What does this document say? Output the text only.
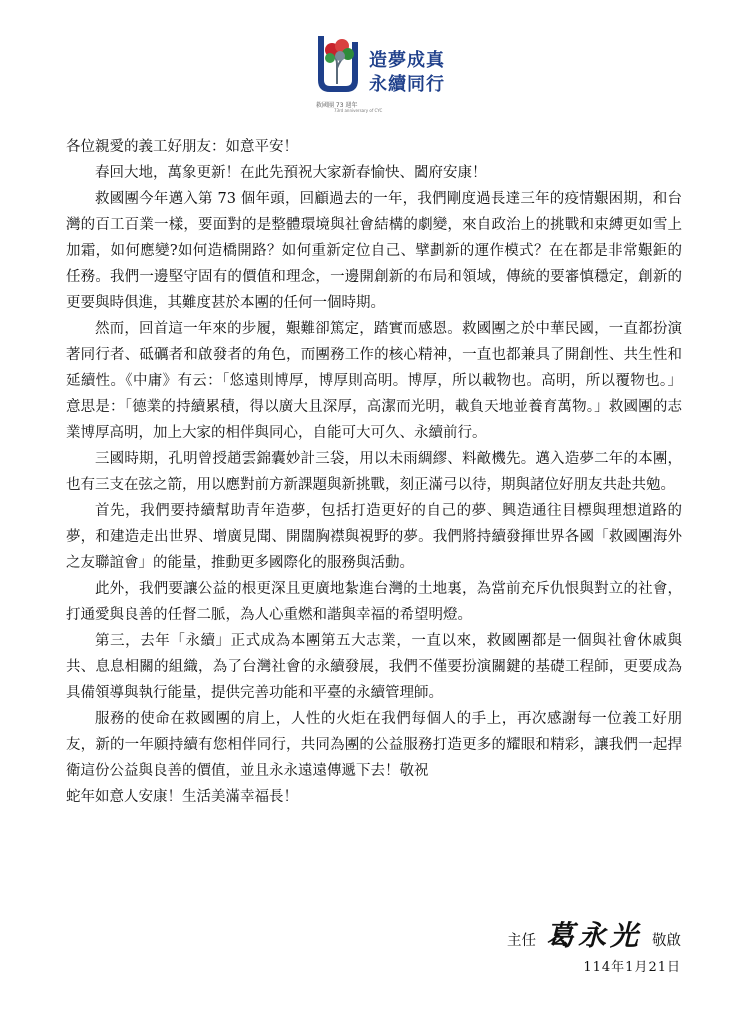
造夢成真
永續同行
救國團 73 週年
73rd anniversary of CYC

各位親愛的義工好朋友：如意平安！

春回大地，萬象更新！在此先預祝大家新春愉快、闔府安康！

救國團今年邁入第 73 個年頭，回顧過去的一年，我們剛度過長達三年的疫情艱困期，和台灣的百工百業一樣，要面對的是整體環境與社會結構的劇變，來自政治上的挑戰和束縛更如雪上加霜，如何應變?如何造橋開路？如何重新定位自己、擘劃新的運作模式？在在都是非常艱鉅的任務。我們一邊堅守固有的價值和理念，一邊開創新的布局和領域，傳統的要審慎穩定，創新的更要與時俱進，其難度甚於本團的任何一個時期。

然而，回首這一年來的步履，艱難卻篤定，踏實而感恩。救國團之於中華民國，一直都扮演著同行者、砥礪者和啟發者的角色，而團務工作的核心精神，一直也都兼具了開創性、共生性和延續性。《中庸》有云：「悠遠則博厚，博厚則高明。博厚，所以載物也。高明，所以覆物也。」意思是：「德業的持續累積，得以廣大且深厚，高潔而光明，載負天地並養育萬物。」救國團的志業博厚高明，加上大家的相伴與同心，自能可大可久、永續前行。

三國時期，孔明曾授趙雲錦囊妙計三袋，用以未雨綢繆、料敵機先。邁入造夢二年的本團，也有三支在弦之箭，用以應對前方新課題與新挑戰，刻正滿弓以待，期與諸位好朋友共赴共勉。

首先，我們要持續幫助青年造夢，包括打造更好的自己的夢、興造通往目標與理想道路的夢，和建造走出世界、增廣見聞、開闊胸襟與視野的夢。我們將持續發揮世界各國「救國團海外之友聯誼會」的能量，推動更多國際化的服務與活動。

此外，我們要讓公益的根更深且更廣地紮進台灣的土地裏，為當前充斥仇恨與對立的社會，打通愛與良善的任督二脈，為人心重燃和諧與幸福的希望明燈。

第三，去年「永續」正式成為本團第五大志業，一直以來，救國團都是一個與社會休戚與共、息息相關的組織，為了台灣社會的永續發展，我們不僅要扮演關鍵的基礎工程師，更要成為具備領導與執行能量，提供完善功能和平臺的永續管理師。

服務的使命在救國團的肩上，人性的火炬在我們每個人的手上，再次感謝每一位義工好朋友，新的一年願持續有您相伴同行，共同為團的公益服務打造更多的耀眼和精彩，讓我們一起捍衛這份公益與良善的價值，並且永永遠遠傳遞下去！敬祝

蛇年如意人安康！生活美滿幸福長！

主任 葛永光 敬啟
114年1月21日
